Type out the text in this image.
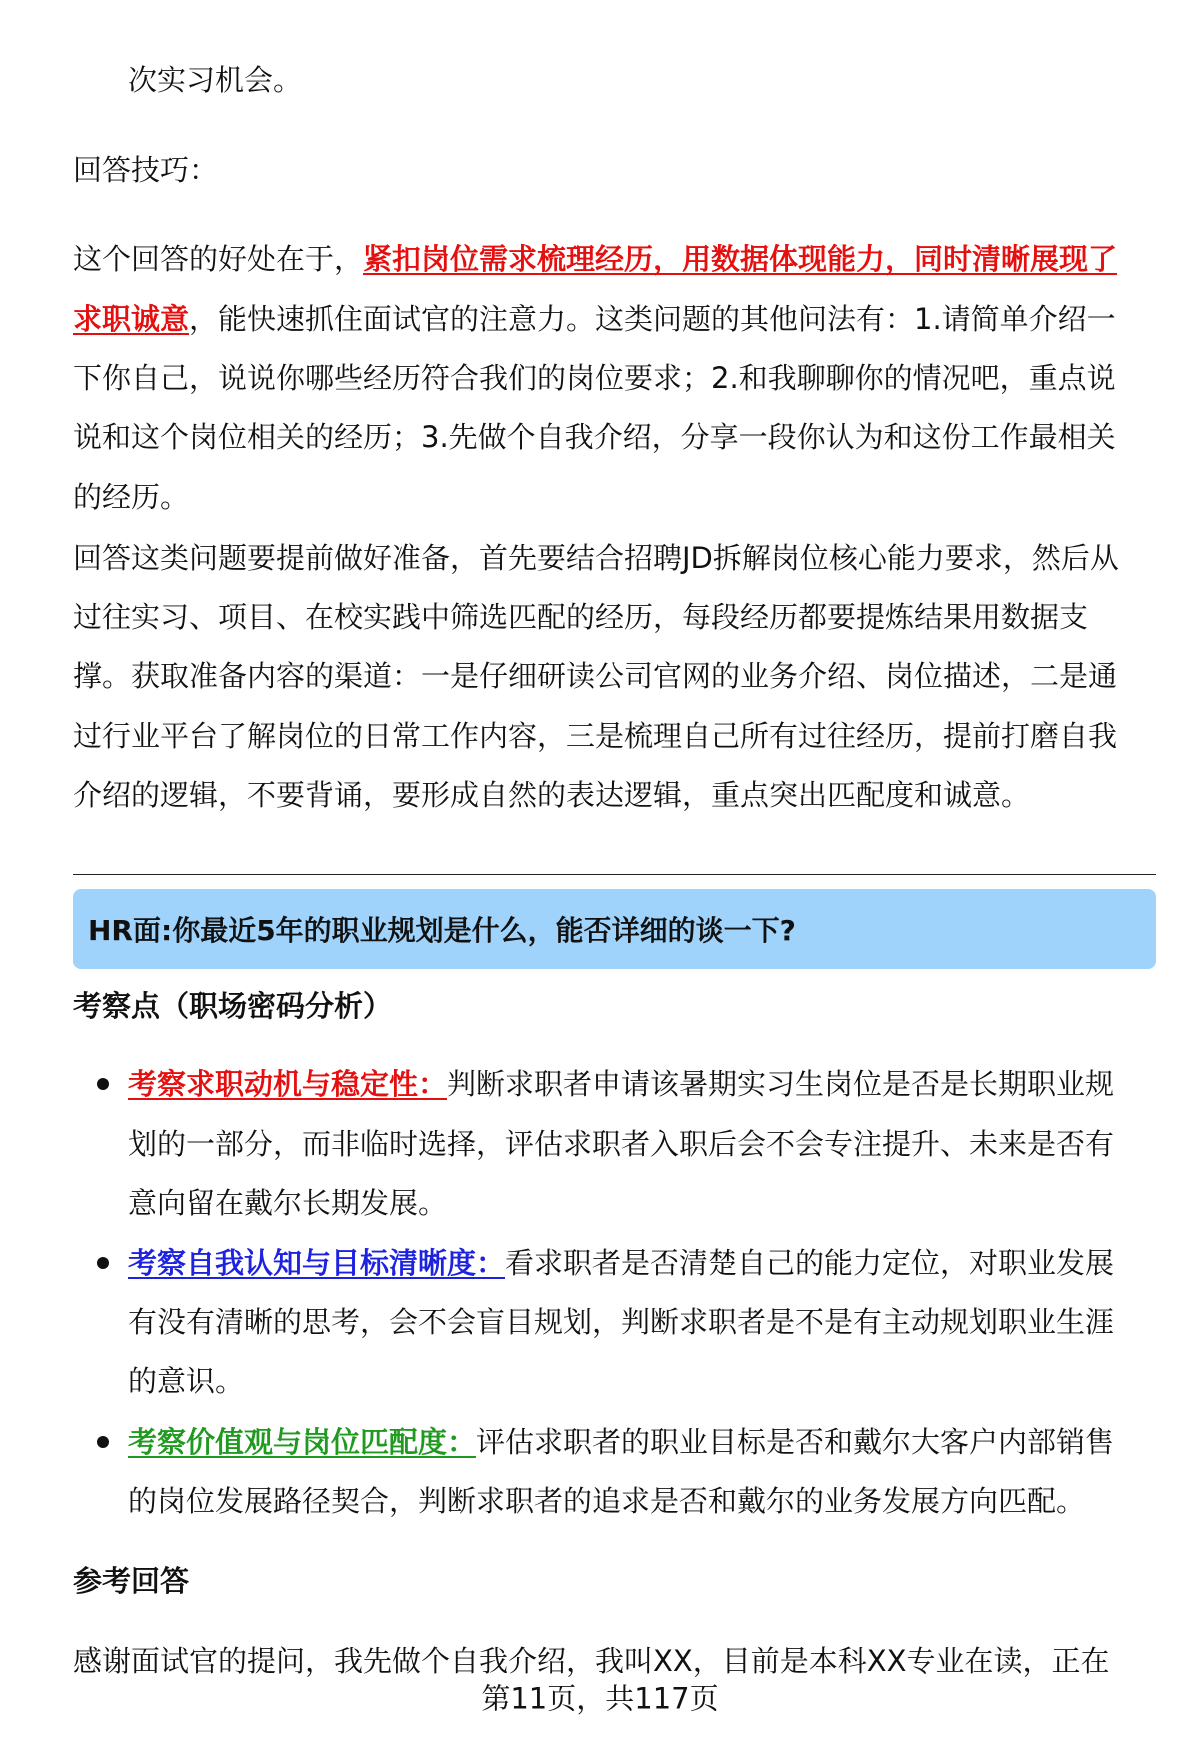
次实习机会。
回答技巧：
这个回答的好处在于，紧扣岗位需求梳理经历，用数据体现能力，同时清晰展现了
求职诚意，能快速抓住面试官的注意力。这类问题的其他问法有：1.请简单介绍一
下你自己，说说你哪些经历符合我们的岗位要求；2.和我聊聊你的情况吧，重点说
说和这个岗位相关的经历；3.先做个自我介绍，分享一段你认为和这份工作最相关
的经历。
回答这类问题要提前做好准备，首先要结合招聘JD拆解岗位核心能力要求，然后从
过往实习、项目、在校实践中筛选匹配的经历，每段经历都要提炼结果用数据支
撑。获取准备内容的渠道：一是仔细研读公司官网的业务介绍、岗位描述，二是通
过行业平台了解岗位的日常工作内容，三是梳理自己所有过往经历，提前打磨自我
介绍的逻辑，不要背诵，要形成自然的表达逻辑，重点突出匹配度和诚意。
HR面:你最近5年的职业规划是什么，能否详细的谈一下?
考察点（职场密码分析）
考察求职动机与稳定性：判断求职者申请该暑期实习生岗位是否是长期职业规
划的一部分，而非临时选择，评估求职者入职后会不会专注提升、未来是否有
意向留在戴尔长期发展。
考察自我认知与目标清晰度：看求职者是否清楚自己的能力定位，对职业发展
有没有清晰的思考，会不会盲目规划，判断求职者是不是有主动规划职业生涯
的意识。
考察价值观与岗位匹配度：评估求职者的职业目标是否和戴尔大客户内部销售
的岗位发展路径契合，判断求职者的追求是否和戴尔的业务发展方向匹配。
参考回答
感谢面试官的提问，我先做个自我介绍，我叫XX，目前是本科XX专业在读，正在
第11页，共117页
